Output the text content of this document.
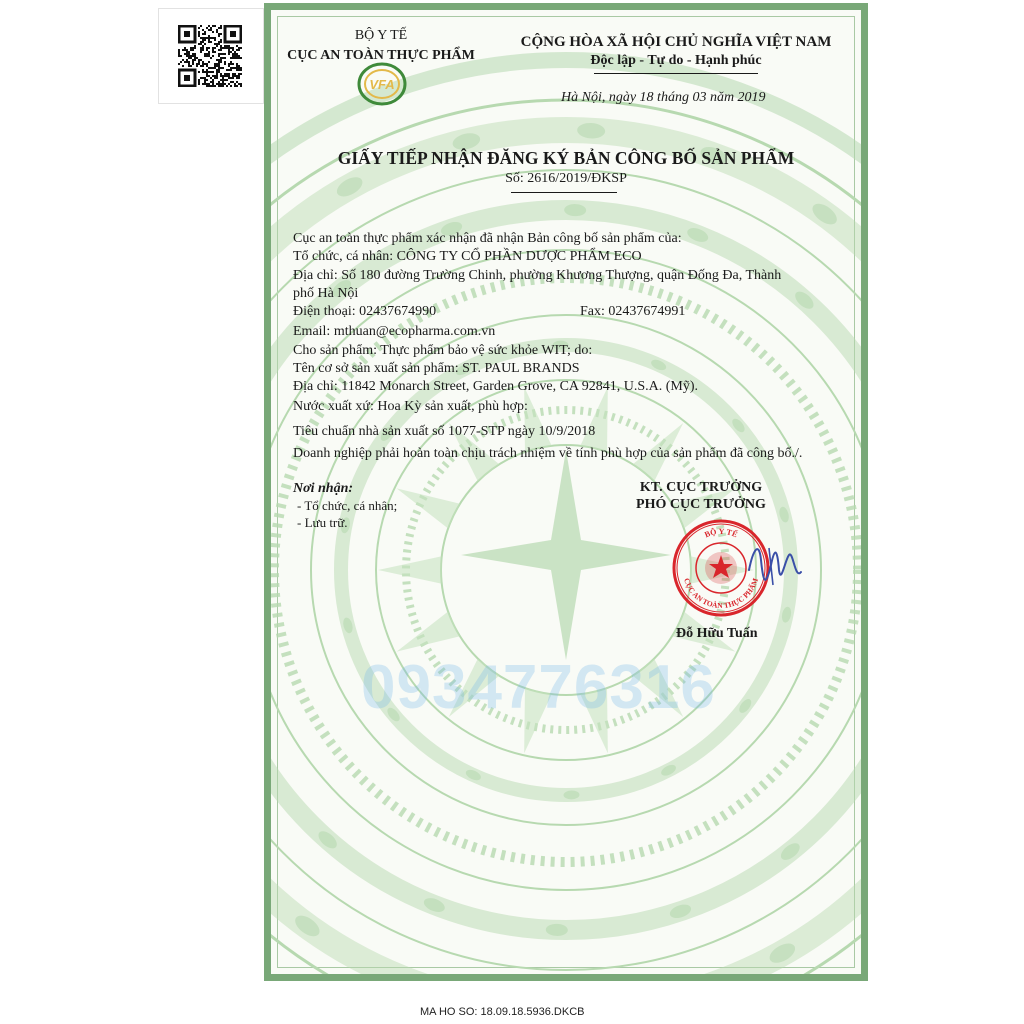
BỘ Y TẾ
CỤC AN TOÀN THỰC PHẨM
VFA
CỘNG HÒA XÃ HỘI CHỦ NGHĨA VIỆT NAM
Độc lập - Tự do - Hạnh phúc
Hà Nội, ngày 18 tháng 03 năm 2019
GIẤY TIẾP NHẬN ĐĂNG KÝ BẢN CÔNG BỐ SẢN PHẨM
Số: 2616/2019/ĐKSP
Cục an toàn thực phẩm xác nhận đã nhận Bản công bố sản phẩm của:
Tổ chức, cá nhân: CÔNG TY CỔ PHẦN DƯỢC PHẨM ECO
Địa chỉ: Số 180 đường Trường Chinh, phường Khương Thượng, quận Đống Đa, Thành
phố Hà Nội
Điện thoại: 02437674990	Fax: 02437674991
Email: mthuan@ecopharma.com.vn
Cho sản phẩm: Thực phẩm bảo vệ sức khỏe WIT; do:
Tên cơ sở sản xuất sản phẩm: ST. PAUL BRANDS
Địa chỉ: 11842 Monarch Street, Garden Grove, CA 92841, U.S.A. (Mỹ).
Nước xuất xứ: Hoa Kỳ sản xuất, phù hợp:
Tiêu chuẩn nhà sản xuất số 1077-STP ngày 10/9/2018
Doanh nghiệp phải hoàn toàn chịu trách nhiệm về tính phù hợp của sản phẩm đã công bố./.
Nơi nhận:
- Tổ chức, cá nhân;
- Lưu trữ.
KT. CỤC TRƯỞNG
PHÓ CỤC TRƯỞNG
BỘ Y TẾ
CỤC AN TOÀN THỰC PHẨM
Đỗ Hữu Tuấn
0934776316
MA HO SO: 18.09.18.5936.DKCB
